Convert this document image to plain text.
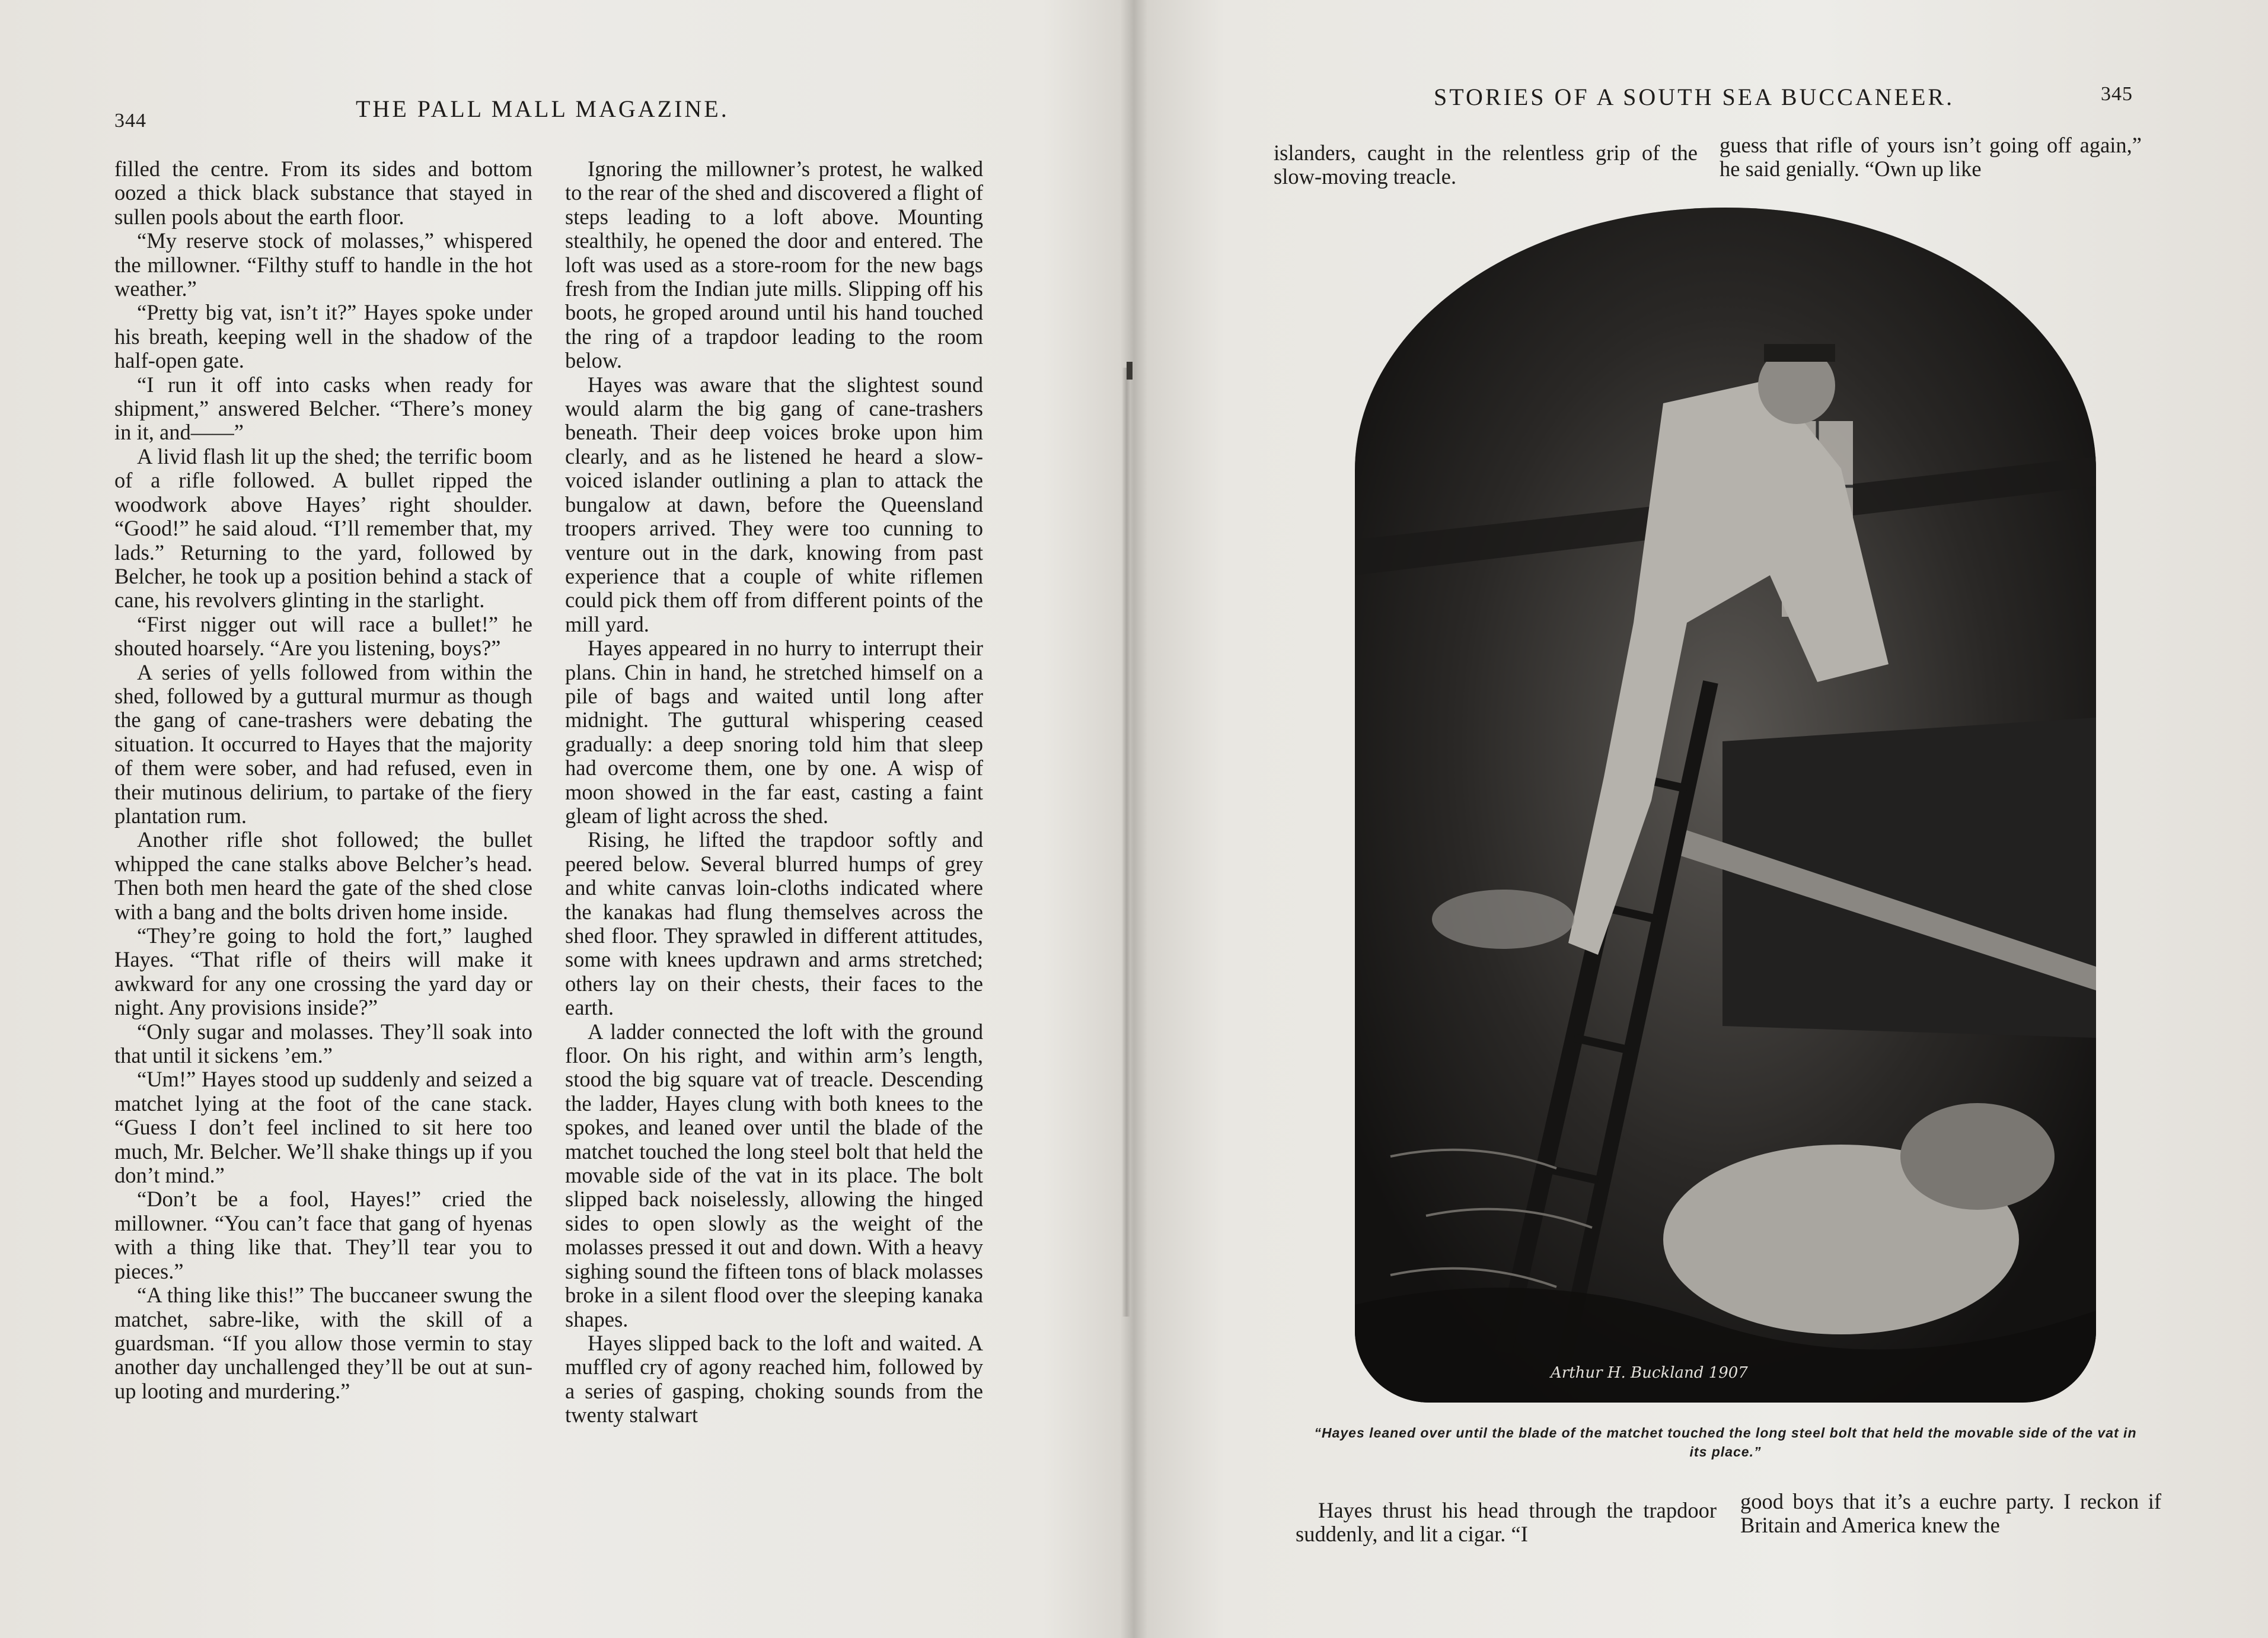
344	THE PALL MALL MAGAZINE.

filled the centre. From its sides and bottom oozed a thick black substance that stayed in sullen pools about the earth floor.

“My reserve stock of molasses,” whispered the millowner. “Filthy stuff to handle in the hot weather.”

“Pretty big vat, isn’t it?” Hayes spoke under his breath, keeping well in the shadow of the half-open gate.

“I run it off into casks when ready for shipment,” answered Belcher. “There’s money in it, and——”

A livid flash lit up the shed; the terrific boom of a rifle followed. A bullet ripped the woodwork above Hayes’ right shoulder. “Good!” he said aloud. “I’ll remember that, my lads.” Returning to the yard, followed by Belcher, he took up a position behind a stack of cane, his revolvers glinting in the starlight.

“First nigger out will race a bullet!” he shouted hoarsely. “Are you listening, boys?”

A series of yells followed from within the shed, followed by a guttural murmur as though the gang of cane-trashers were debating the situation. It occurred to Hayes that the majority of them were sober, and had refused, even in their mutinous delirium, to partake of the fiery plantation rum.

Another rifle shot followed; the bullet whipped the cane stalks above Belcher’s head. Then both men heard the gate of the shed close with a bang and the bolts driven home inside.

“They’re going to hold the fort,” laughed Hayes. “That rifle of theirs will make it awkward for any one crossing the yard day or night. Any provisions inside?”

“Only sugar and molasses. They’ll soak into that until it sickens ’em.”

“Um!” Hayes stood up suddenly and seized a matchet lying at the foot of the cane stack. “Guess I don’t feel inclined to sit here too much, Mr. Belcher. We’ll shake things up if you don’t mind.”

“Don’t be a fool, Hayes!” cried the millowner. “You can’t face that gang of hyenas with a thing like that. They’ll tear you to pieces.”

“A thing like this!” The buccaneer swung the matchet, sabre-like, with the skill of a guardsman. “If you allow those vermin to stay another day unchallenged they’ll be out at sun-up looting and murdering.”

Ignoring the millowner’s protest, he walked to the rear of the shed and discovered a flight of steps leading to a loft above. Mounting stealthily, he opened the door and entered. The loft was used as a store-room for the new bags fresh from the Indian jute mills. Slipping off his boots, he groped around until his hand touched the ring of a trapdoor leading to the room below.

Hayes was aware that the slightest sound would alarm the big gang of cane-trashers beneath. Their deep voices broke upon him clearly, and as he listened he heard a slow-voiced islander outlining a plan to attack the bungalow at dawn, before the Queensland troopers arrived. They were too cunning to venture out in the dark, knowing from past experience that a couple of white riflemen could pick them off from different points of the mill yard.

Hayes appeared in no hurry to interrupt their plans. Chin in hand, he stretched himself on a pile of bags and waited until long after midnight. The guttural whispering ceased gradually: a deep snoring told him that sleep had overcome them, one by one. A wisp of moon showed in the far east, casting a faint gleam of light across the shed.

Rising, he lifted the trapdoor softly and peered below. Several blurred humps of grey and white canvas loin-cloths indicated where the kanakas had flung themselves across the shed floor. They sprawled in different attitudes, some with knees updrawn and arms stretched; others lay on their chests, their faces to the earth.

A ladder connected the loft with the ground floor. On his right, and within arm’s length, stood the big square vat of treacle. Descending the ladder, Hayes clung with both knees to the spokes, and leaned over until the blade of the matchet touched the long steel bolt that held the movable side of the vat in its place. The bolt slipped back noiselessly, allowing the hinged sides to open slowly as the weight of the molasses pressed it out and down. With a heavy sighing sound the fifteen tons of black molasses broke in a silent flood over the sleeping kanaka shapes.

Hayes slipped back to the loft and waited. A muffled cry of agony reached him, followed by a series of gasping, choking sounds from the twenty stalwart

STORIES OF A SOUTH SEA BUCCANEER.	345

islanders, caught in the relentless grip of the slow-moving treacle.

guess that rifle of yours isn’t going off again,” he said genially. “Own up like

Hayes thrust his head through the trapdoor suddenly, and lit a cigar. “I

good boys that it’s a euchre party. I reckon if Britain and America knew the

Arthur H. Buckland 1907
“Hayes leaned over until the blade of the matchet touched the long steel bolt that held the movable side of the vat in its place.”
